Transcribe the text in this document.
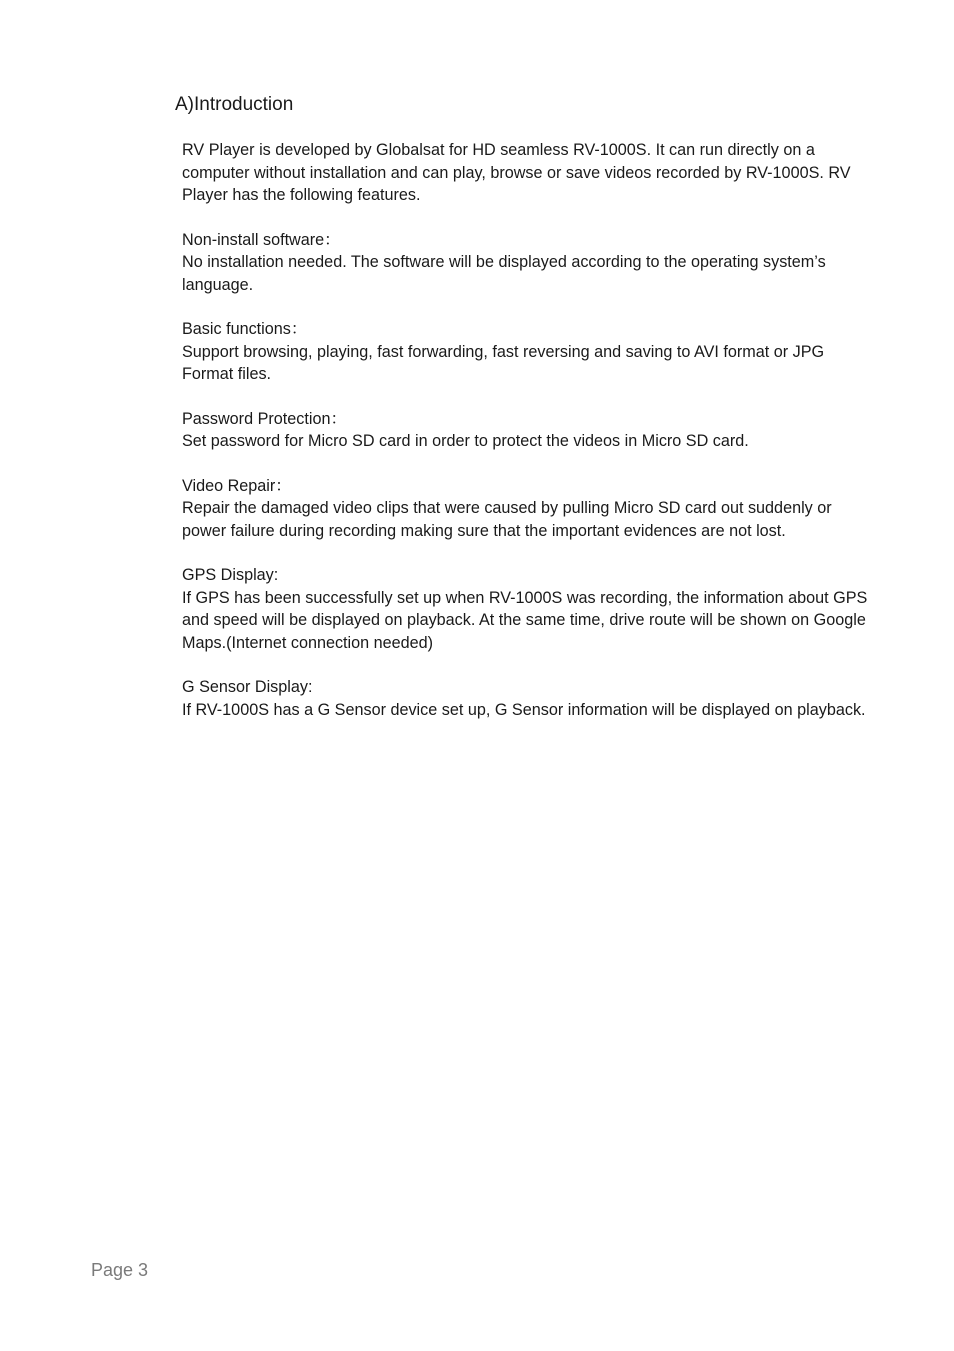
A)Introduction

RV Player is developed by Globalsat for HD seamless RV-1000S. It can run directly on a computer without installation and can play, browse or save videos recorded by RV-1000S. RV Player has the following features.

Non-install software：
No installation needed. The software will be displayed according to the operating system’s language.
Basic functions：
Support browsing, playing, fast forwarding, fast reversing and saving to AVI format or JPG Format files.
Password Protection：
Set password for Micro SD card in order to protect the videos in Micro SD card.
Video Repair：
Repair the damaged video clips that were caused by pulling Micro SD card out suddenly or power failure during recording making sure that the important evidences are not lost.
GPS Display:
If GPS has been successfully set up when RV-1000S was recording, the information about GPS and speed will be displayed on playback. At the same time, drive route will be shown on Google Maps.(Internet connection needed)
G Sensor Display:
If RV-1000S has a G Sensor device set up, G Sensor information will be displayed on playback.
Page 3
